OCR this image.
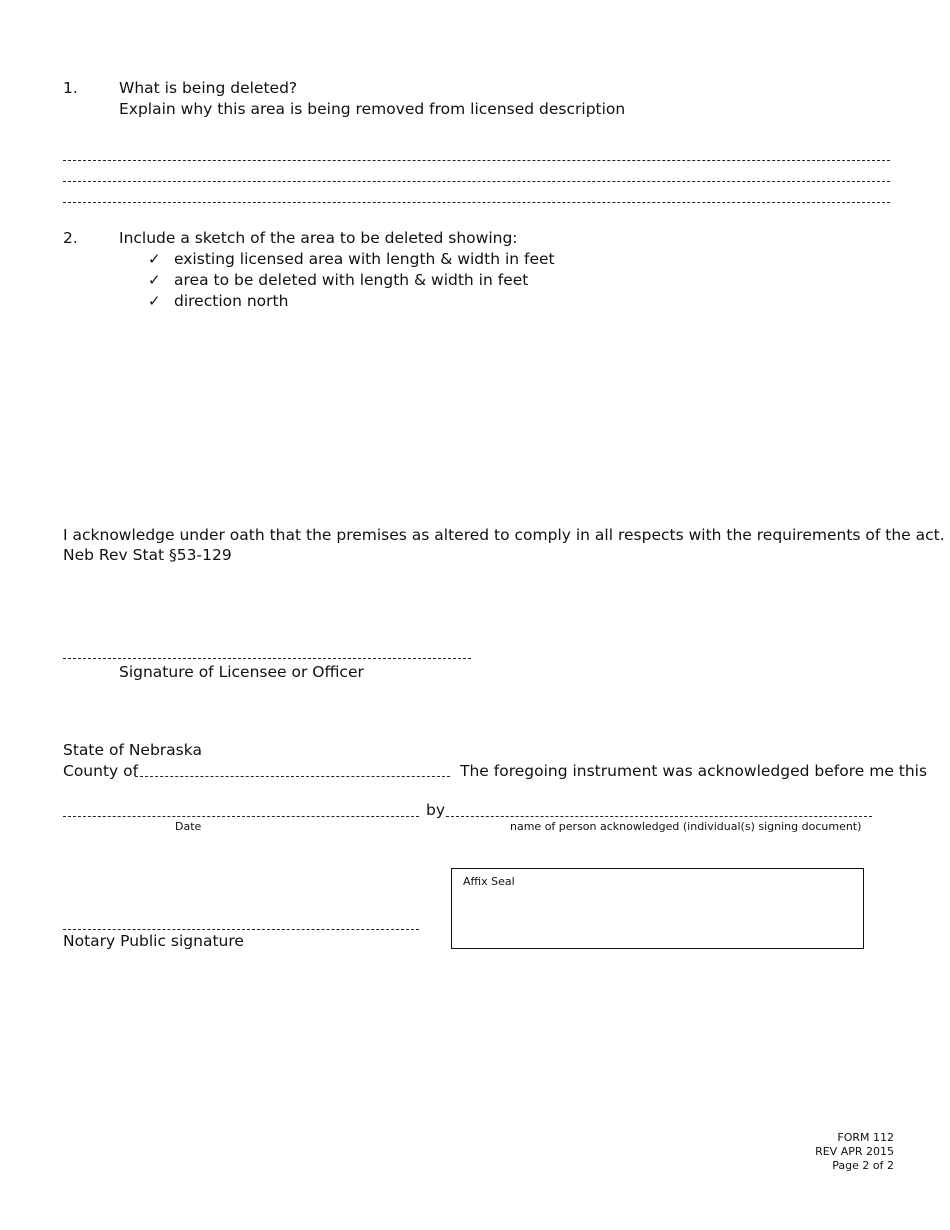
1.	What is being deleted?
Explain why this area is being removed from licensed description
2.	Include a sketch of the area to be deleted showing:
✓ existing licensed area with length & width in feet
✓ area to be deleted with length & width in feet
✓ direction north
I acknowledge under oath that the premises as altered to comply in all respects with the requirements of the act.
Neb Rev Stat §53-129
Signature of Licensee or Officer
State of Nebraska
County of	The foregoing instrument was acknowledged before me this
by
Date	name of person acknowledged (individual(s) signing document)
Affix Seal
Notary Public signature
FORM 112
REV APR 2015
Page 2 of 2
